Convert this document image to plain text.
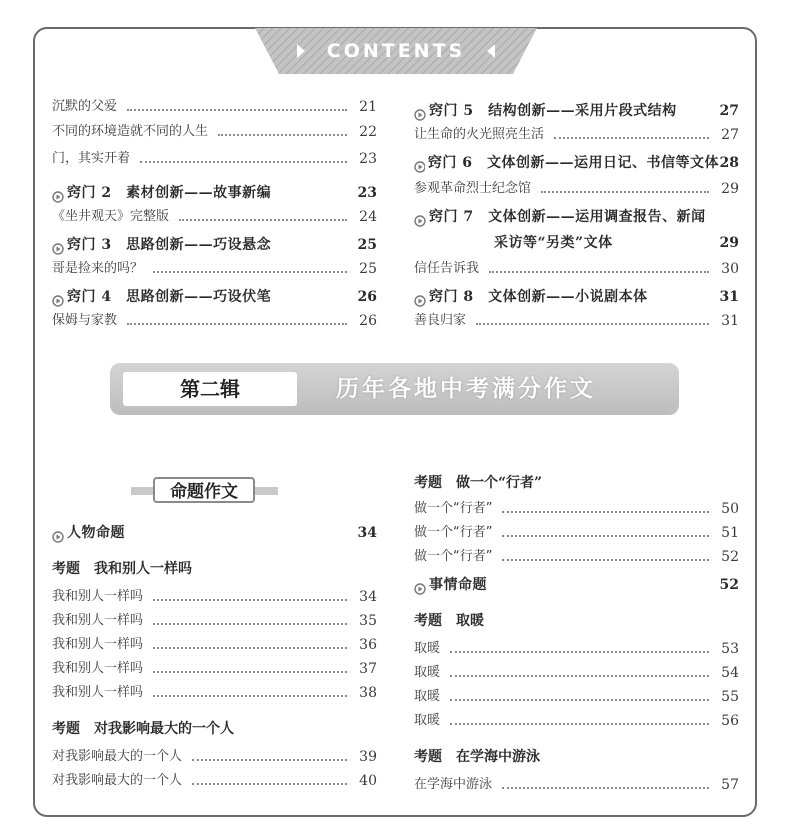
CONTENTS
沉默的父爱	21
不同的环境造就不同的人生	22
门，其实开着	23
窍门 2　素材创新——故事新编	23
《坐井观天》完整版	24
窍门 3　思路创新——巧设悬念	25
哥是捡来的吗？	25
窍门 4　思路创新——巧设伏笔	26
保姆与家教	26
窍门 5　结构创新——采用片段式结构	27
让生命的火光照亮生活	27
窍门 6　文体创新——运用日记、书信等文体 28
参观革命烈士纪念馆	29
窍门 7　文体创新——运用调查报告、新闻
采访等“另类”文体	29
信任告诉我	30
窍门 8　文体创新——小说剧本体	31
善良归家	31
第二辑	历年各地中考满分作文
命题作文
人物命题	34
考题　我和别人一样吗
我和别人一样吗	34
我和别人一样吗	35
我和别人一样吗	36
我和别人一样吗	37
我和别人一样吗	38
考题　对我影响最大的一个人
对我影响最大的一个人	39
对我影响最大的一个人	40
考题　做一个“行者”
做一个“行者”	50
做一个“行者”	51
做一个“行者”	52
事情命题	52
考题　取暖
取暖	53
取暖	54
取暖	55
取暖	56
考题　在学海中游泳
在学海中游泳	57
